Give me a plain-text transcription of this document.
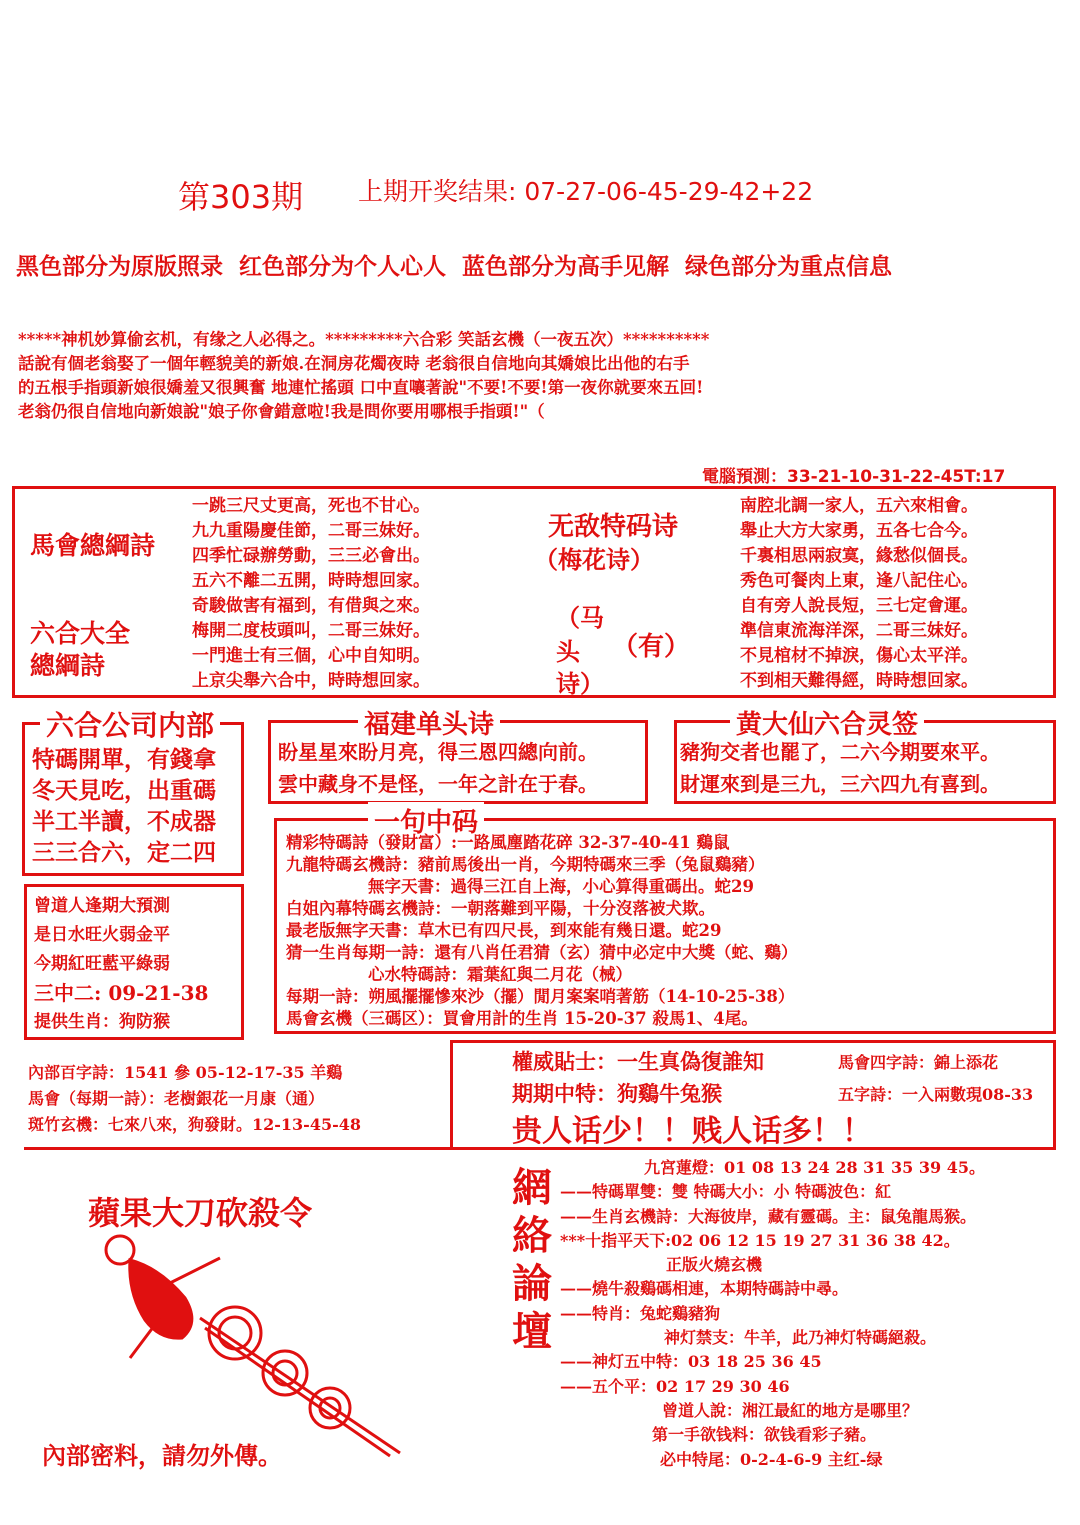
第303期 上期开奖结果: 07-27-06-45-29-42+22
黑色部分为原版照录 红色部分为个人心人 蓝色部分为高手见解 绿色部分为重点信息
*****神机妙算偷玄机，有缘之人必得之。*********六合彩 笑話玄機（一夜五次）**********
話說有個老翁娶了一個年輕貌美的新娘.在洞房花燭夜時 老翁很自信地向其嬌娘比出他的右手
的五根手指頭新娘很嬌羞又很興奮 地連忙搖頭 口中直嚷著說"不要!不要!第一夜你就要來五回!
老翁仍很自信地向新娘說"娘子你會錯意啦!我是問你要用哪根手指頭!"（
電腦預測：33-21-10-31-22-45T:17
馬會總綱詩
六合大全
總綱詩
一跳三尺丈更高，死也不甘心。
九九重陽慶佳節，二哥三妹好。
四季忙碌辦勞動，三三必會出。
五六不離二五開，時時想回家。
奇駿做害有福到，有借與之來。
梅開二度枝頭叫，二哥三妹好。
一門進士有三個，心中自知明。
上京尖舉六合中，時時想回家。
无敌特码诗
（梅花诗）
（马
头 （有）
诗）
南腔北調一家人，五六來相會。
舉止大方大家勇，五各七合今。
千裏相思兩寂寞，緣愁似個長。
秀色可餐肉上東，逢八記住心。
自有旁人說長短，三七定會運。
準信東流海洋深，二哥三妹好。
不見棺材不掉淚，傷心太平洋。
不到相天難得經，時時想回家。
六合公司内部
特碼開單，有錢拿
冬天見吃，出重碼
半工半讀，不成器
三三合六，定二四
福建单头诗
盼星星來盼月亮，得三恩四總向前。
雲中藏身不是怪，一年之計在于春。
黄大仙六合灵签
豬狗交者也罷了，二六今期要來平。
財運來到是三九，三六四九有喜到。
一句中码
精彩特碼詩（發財富）:一路風塵踏花碎 32-37-40-41 鷄鼠
九龍特碼玄機詩：豬前馬後出一肖，今期特碼來三季（兔鼠鷄豬）
無字天書：過得三江自上海，小心算得重碼出。蛇29
白姐內幕特碼玄機詩：一朝落難到平陽，十分沒落被犬欺。
最老版無字天書：草木已有四尺長，到來能有幾日還。蛇29
猜一生肖每期一詩：還有八肖任君猜（玄）猜中必定中大獎（蛇、鷄）
心水特碼詩：霜葉紅與二月花（械）
每期一詩：朔風擺擺慘來沙（擺）閒月案案哨著筋（14-10-25-38）
馬會玄機（三碼区）：買會用計的生肖 15-20-37 殺馬1、4尾。
曾道人逢期大預測
是日水旺火弱金平
今期紅旺藍平綠弱
三中二: 09-21-38
提供生肖：狗防猴
內部百字詩：1541 參 05-12-17-35 羊鷄
馬會（每期一詩）：老樹銀花一月康（通）
斑竹玄機：七來八來，狗發財。12-13-45-48
權威貼士：一生真偽復誰知	馬會四字詩：錦上添花
期期中特：狗鷄牛兔猴	五字詩：一入兩數現08-33
贵人话少！！贱人话多！！
蘋果大刀砍殺令
內部密料，請勿外傳。
網
絡
論
壇
九宮蓮燈：01 08 13 24 28 31 35 39 45。
——特碼單雙：雙 特碼大小：小 特碼波色：紅
——生肖玄機詩：大海彼岸，藏有靈碼。主：鼠兔龍馬猴。
***十指平天下:02 06 12 15 19 27 31 36 38 42。
正版火燒玄機
——燒牛殺鷄碼相連，本期特碼詩中尋。
——特肖：兔蛇鷄豬狗
神灯禁支：牛羊，此乃神灯特碼絕殺。
——神灯五中特：03 18 25 36 45
——五个平：02 17 29 30 46
曾道人說：湘江最紅的地方是哪里？
第一手欲钱料：欲钱看彩子豬。
必中特尾：0-2-4-6-9 主红-绿
